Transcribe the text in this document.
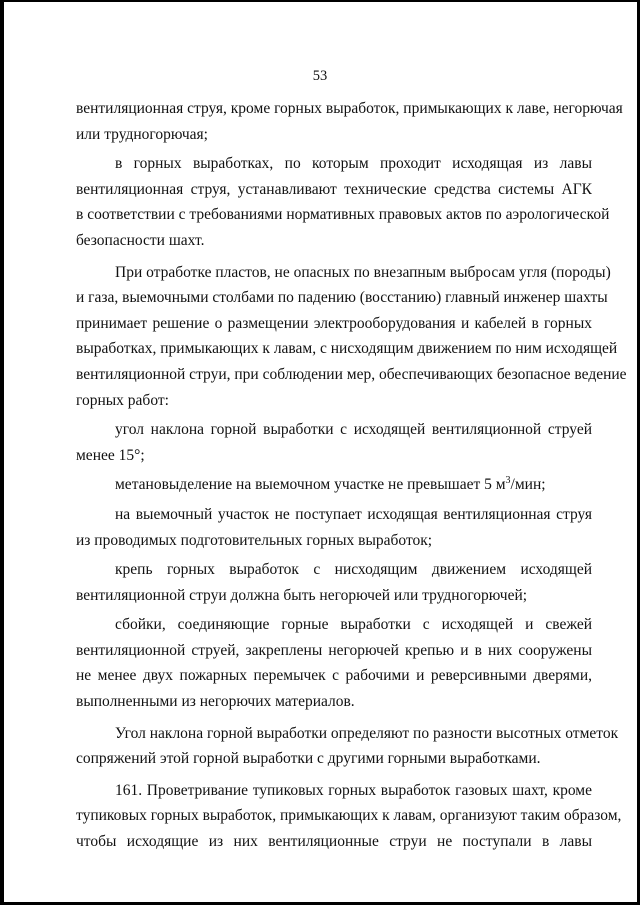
53
вентиляционная струя, кроме горных выработок, примыкающих к лаве, негорючая
или трудногорючая;
в горных выработках, по которым проходит исходящая из лавы
вентиляционная струя, устанавливают технические средства системы АГК
в соответствии с требованиями нормативных правовых актов по аэрологической
безопасности шахт.
При отработке пластов, не опасных по внезапным выбросам угля (породы)
и газа, выемочными столбами по падению (восстанию) главный инженер шахты
принимает решение о размещении электрооборудования и кабелей в горных
выработках, примыкающих к лавам, с нисходящим движением по ним исходящей
вентиляционной струи, при соблюдении мер, обеспечивающих безопасное ведение
горных работ:
угол наклона горной выработки с исходящей вентиляционной струей
менее 15°;
метановыделение на выемочном участке не превышает 5 $м^3$/мин;
на выемочный участок не поступает исходящая вентиляционная струя
из проводимых подготовительных горных выработок;
крепь горных выработок с нисходящим движением исходящей
вентиляционной струи должна быть негорючей или трудногорючей;
сбойки, соединяющие горные выработки с исходящей и свежей
вентиляционной струей, закреплены негорючей крепью и в них сооружены
не менее двух пожарных перемычек с рабочими и реверсивными дверями,
выполненными из негорючих материалов.
Угол наклона горной выработки определяют по разности высотных отметок
сопряжений этой горной выработки с другими горными выработками.
161. Проветривание тупиковых горных выработок газовых шахт, кроме
тупиковых горных выработок, примыкающих к лавам, организуют таким образом,
чтобы исходящие из них вентиляционные струи не поступали в лавы
